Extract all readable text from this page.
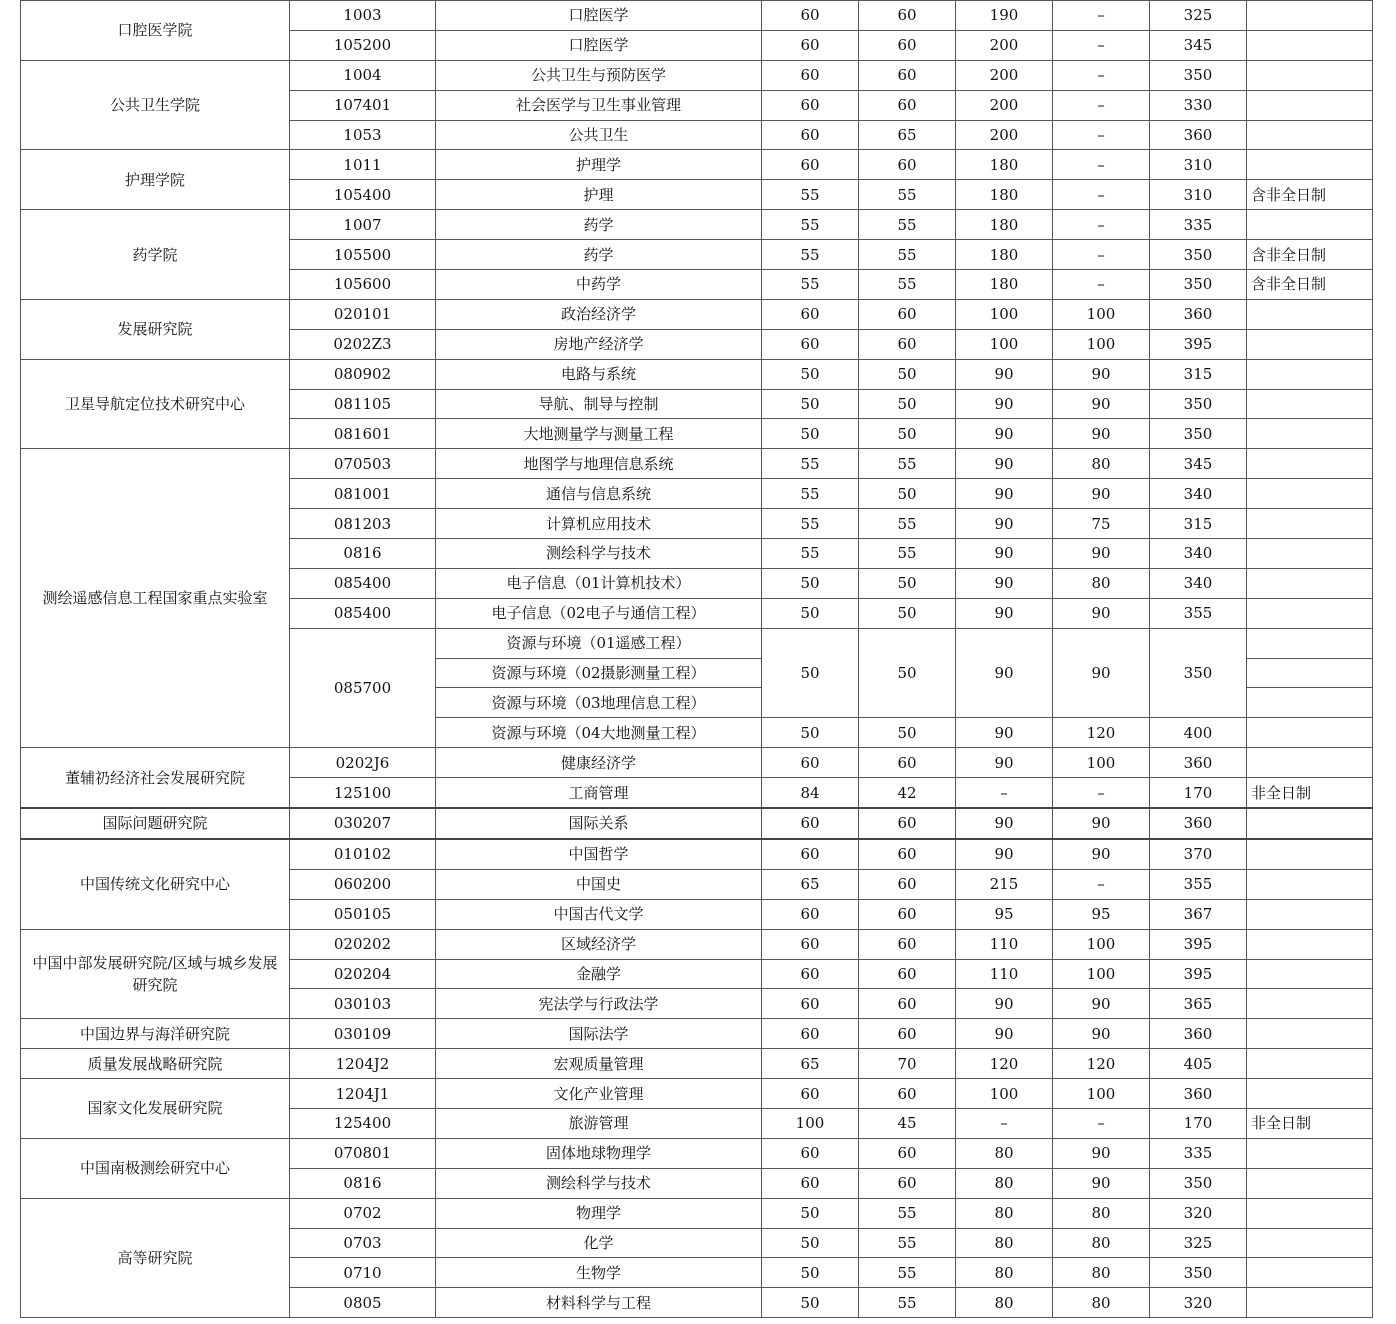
口腔医学院	1003	口腔医学	60	60	190	–	325	
	105200	口腔医学	60	60	200	–	345	
公共卫生学院	1004	公共卫生与预防医学	60	60	200	–	350	
	107401	社会医学与卫生事业管理	60	60	200	–	330	
	1053	公共卫生	60	65	200	–	360	
护理学院	1011	护理学	60	60	180	–	310	
	105400	护理	55	55	180	–	310	含非全日制
药学院	1007	药学	55	55	180	–	335	
	105500	药学	55	55	180	–	350	含非全日制
	105600	中药学	55	55	180	–	350	含非全日制
发展研究院	020101	政治经济学	60	60	100	100	360	
	0202Z3	房地产经济学	60	60	100	100	395	
卫星导航定位技术研究中心	080902	电路与系统	50	50	90	90	315	
	081105	导航、制导与控制	50	50	90	90	350	
	081601	大地测量学与测量工程	50	50	90	90	350	
测绘遥感信息工程国家重点实验室	070503	地图学与地理信息系统	55	55	90	80	345	
	081001	通信与信息系统	55	50	90	90	340	
	081203	计算机应用技术	55	55	90	75	315	
	0816	测绘科学与技术	55	55	90	90	340	
	085400	电子信息（01计算机技术）	50	50	90	80	340	
	085400	电子信息（02电子与通信工程）	50	50	90	90	355	
	085700	资源与环境（01遥感工程）	50	50	90	90	350	
		资源与环境（02摄影测量工程）						
		资源与环境（03地理信息工程）						
		资源与环境（04大地测量工程）	50	50	90	120	400	
董辅礽经济社会发展研究院	0202J6	健康经济学	60	60	90	100	360	
	125100	工商管理	84	42	–	–	170	非全日制
国际问题研究院	030207	国际关系	60	60	90	90	360	
中国传统文化研究中心	010102	中国哲学	60	60	90	90	370	
	060200	中国史	65	60	215	–	355	
	050105	中国古代文学	60	60	95	95	367	
中国中部发展研究院/区域与城乡发展研究院	020202	区域经济学	60	60	110	100	395	
	020204	金融学	60	60	110	100	395	
	030103	宪法学与行政法学	60	60	90	90	365	
中国边界与海洋研究院	030109	国际法学	60	60	90	90	360	
质量发展战略研究院	1204J2	宏观质量管理	65	70	120	120	405	
国家文化发展研究院	1204J1	文化产业管理	60	60	100	100	360	
	125400	旅游管理	100	45	–	–	170	非全日制
中国南极测绘研究中心	070801	固体地球物理学	60	60	80	90	335	
	0816	测绘科学与技术	60	60	80	90	350	
高等研究院	0702	物理学	50	55	80	80	320	
	0703	化学	50	55	80	80	325	
	0710	生物学	50	55	80	80	350	
	0805	材料科学与工程	50	55	80	80	320	
